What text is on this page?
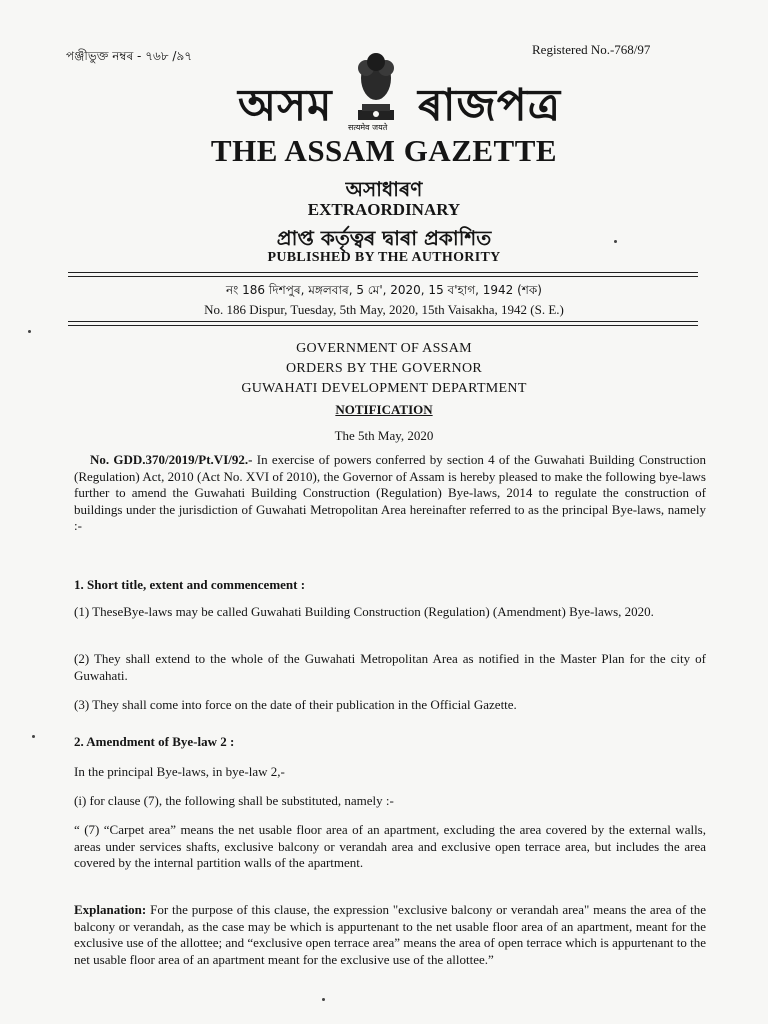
পঞ্জীভুক্ত নম্বৰ - ৭৬৮ /৯৭	Registered No.-768/97
অসম ৰাজপত্ৰ
सत्यमेव जयते
THE ASSAM GAZETTE
অসাধাৰণ
EXTRAORDINARY
প্ৰাপ্ত কৰ্তৃত্বৰ দ্বাৰা প্ৰকাশিত
PUBLISHED BY THE AUTHORITY
নং 186 দিশপুৰ, মঙ্গলবাৰ, 5 মে', 2020, 15 ব'হাগ, 1942 (শক)
No. 186 Dispur, Tuesday, 5th May, 2020, 15th Vaisakha, 1942 (S. E.)
GOVERNMENT OF ASSAM
ORDERS BY THE GOVERNOR
GUWAHATI DEVELOPMENT DEPARTMENT
NOTIFICATION
The 5th May, 2020
No. GDD.370/2019/Pt.VI/92.- In exercise of powers conferred by section 4 of the Guwahati Building Construction (Regulation) Act, 2010 (Act No. XVI of 2010), the Governor of Assam is hereby pleased to make the following bye-laws further to amend the Guwahati Building Construction (Regulation) Bye-laws, 2014 to regulate the construction of buildings under the jurisdiction of Guwahati Metropolitan Area hereinafter referred to as the principal Bye-laws, namely :-
1. Short title, extent and commencement :
(1) TheseBye-laws may be called Guwahati Building Construction (Regulation) (Amendment) Bye-laws, 2020.
(2) They shall extend to the whole of the Guwahati Metropolitan Area as notified in the Master Plan for the city of Guwahati.
(3) They shall come into force on the date of their publication in the Official Gazette.
2. Amendment of Bye-law 2 :
In the principal Bye-laws, in bye-law 2,-
(i) for clause (7), the following shall be substituted, namely :-
“ (7) “Carpet area” means the net usable floor area of an apartment, excluding the area covered by the external walls, areas under services shafts, exclusive balcony or verandah area and exclusive open terrace area, but includes the area covered by the internal partition walls of the apartment.
Explanation: For the purpose of this clause, the expression "exclusive balcony or verandah area" means the area of the balcony or verandah, as the case may be which is appurtenant to the net usable floor area of an apartment, meant for the exclusive use of the allottee; and “exclusive open terrace area” means the area of open terrace which is appurtenant to the net usable floor area of an apartment meant for the exclusive use of the allottee.”
